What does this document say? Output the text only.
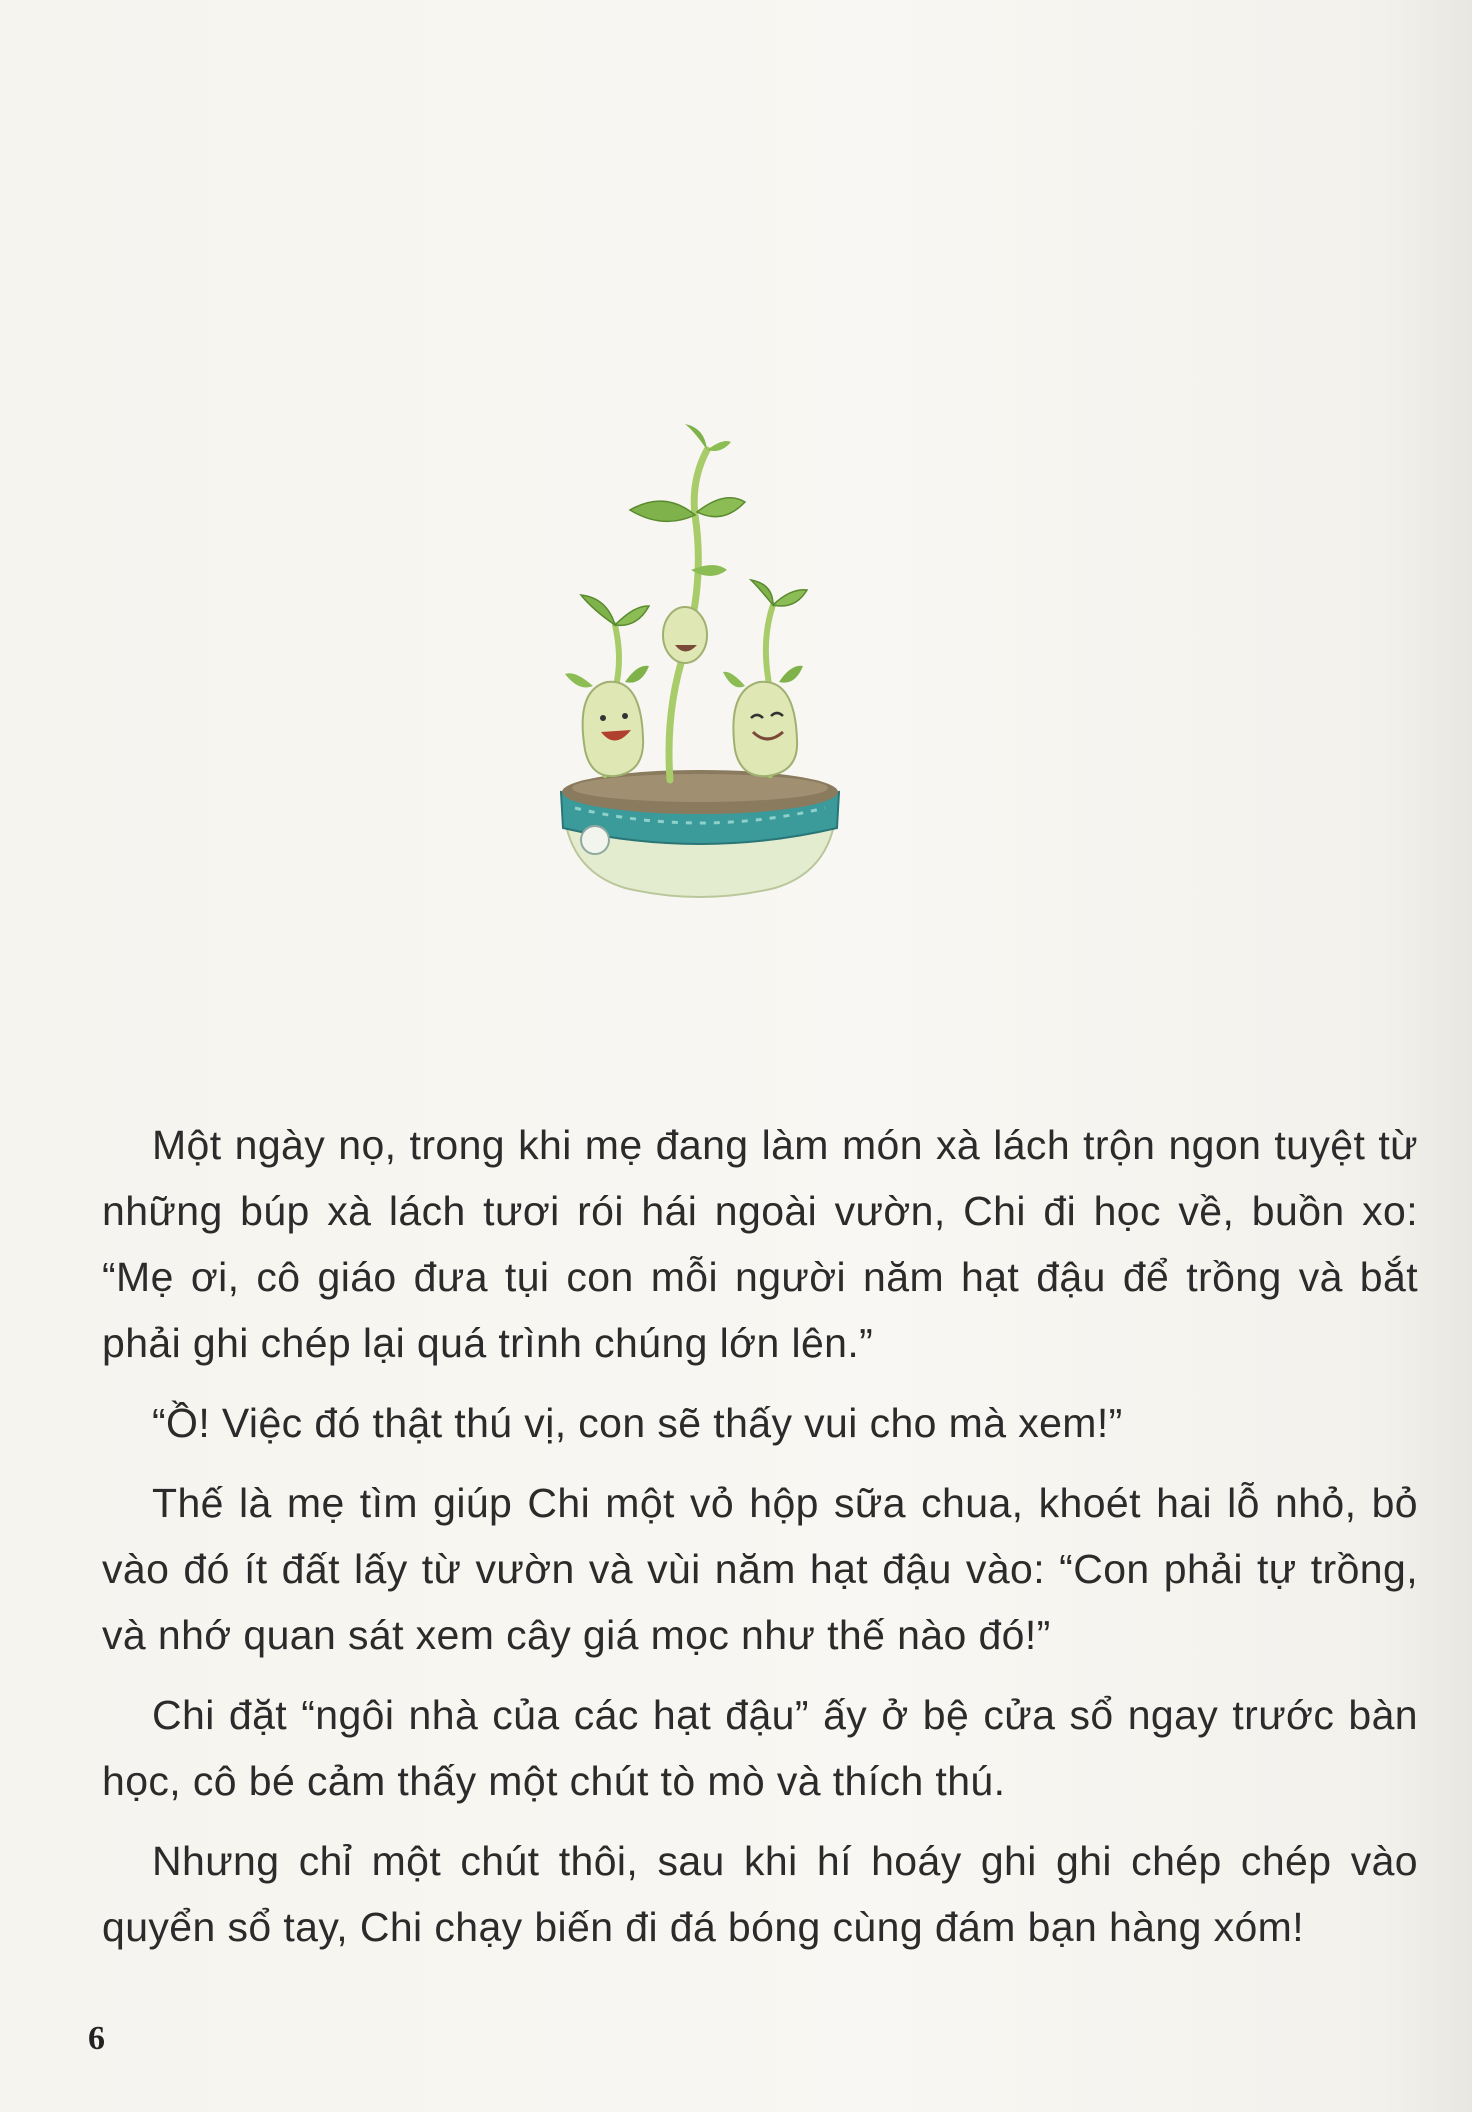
Một ngày nọ, trong khi mẹ đang làm món xà lách trộn ngon tuyệt từ những búp xà lách tươi rói hái ngoài vườn, Chi đi học về, buồn xo: “Mẹ ơi, cô giáo đưa tụi con mỗi người năm hạt đậu để trồng và bắt phải ghi chép lại quá trình chúng lớn lên.”

“Ồ! Việc đó thật thú vị, con sẽ thấy vui cho mà xem!”

Thế là mẹ tìm giúp Chi một vỏ hộp sữa chua, khoét hai lỗ nhỏ, bỏ vào đó ít đất lấy từ vườn và vùi năm hạt đậu vào: “Con phải tự trồng, và nhớ quan sát xem cây giá mọc như thế nào đó!”

Chi đặt “ngôi nhà của các hạt đậu” ấy ở bệ cửa sổ ngay trước bàn học, cô bé cảm thấy một chút tò mò và thích thú.

Nhưng chỉ một chút thôi, sau khi hí hoáy ghi ghi chép chép vào quyển sổ tay, Chi chạy biến đi đá bóng cùng đám bạn hàng xóm!

6
